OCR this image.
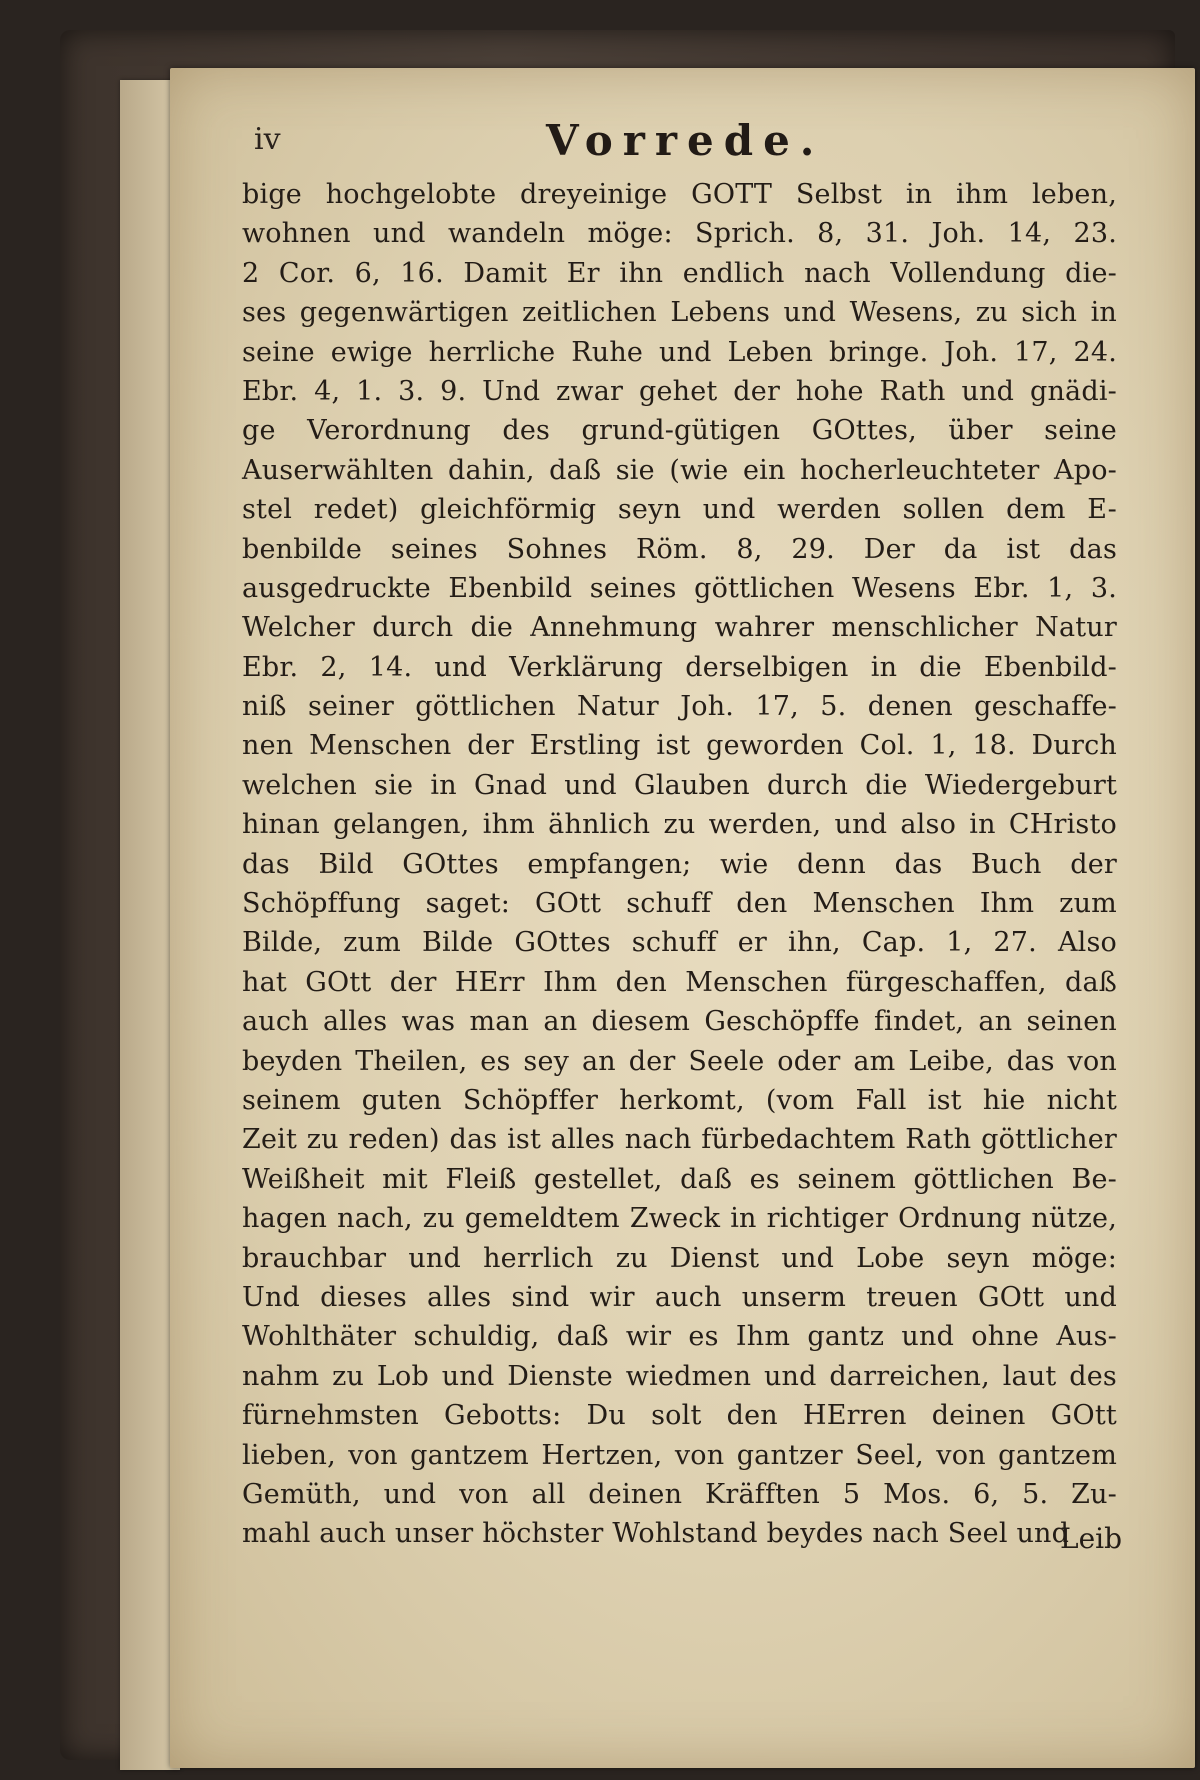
iv	Vorrede.
bige hochgelobte dreyeinige GOTT Selbst in ihm leben,
wohnen und wandeln möge: Sprich. 8, 31. Joh. 14, 23.
2 Cor. 6, 16. Damit Er ihn endlich nach Vollendung die-
ses gegenwärtigen zeitlichen Lebens und Wesens, zu sich in
seine ewige herrliche Ruhe und Leben bringe. Joh. 17, 24.
Ebr. 4, 1. 3. 9. Und zwar gehet der hohe Rath und gnädi-
ge Verordnung des grund-gütigen GOttes, über seine
Auserwählten dahin, daß sie (wie ein hocherleuchteter Apo-
stel redet) gleichförmig seyn und werden sollen dem E-
benbilde seines Sohnes Röm. 8, 29. Der da ist das
ausgedruckte Ebenbild seines göttlichen Wesens Ebr. 1, 3.
Welcher durch die Annehmung wahrer menschlicher Natur
Ebr. 2, 14. und Verklärung derselbigen in die Ebenbild-
niß seiner göttlichen Natur Joh. 17, 5. denen geschaffe-
nen Menschen der Erstling ist geworden Col. 1, 18. Durch
welchen sie in Gnad und Glauben durch die Wiedergeburt
hinan gelangen, ihm ähnlich zu werden, und also in CHristo
das Bild GOttes empfangen; wie denn das Buch der
Schöpffung saget: GOtt schuff den Menschen Ihm zum
Bilde, zum Bilde GOttes schuff er ihn, Cap. 1, 27. Also
hat GOtt der HErr Ihm den Menschen fürgeschaffen, daß
auch alles was man an diesem Geschöpffe findet, an seinen
beyden Theilen, es sey an der Seele oder am Leibe, das von
seinem guten Schöpffer herkomt, (vom Fall ist hie nicht
Zeit zu reden) das ist alles nach fürbedachtem Rath göttlicher
Weißheit mit Fleiß gestellet, daß es seinem göttlichen Be-
hagen nach, zu gemeldtem Zweck in richtiger Ordnung nütze,
brauchbar und herrlich zu Dienst und Lobe seyn möge:
Und dieses alles sind wir auch unserm treuen GOtt und
Wohlthäter schuldig, daß wir es Ihm gantz und ohne Aus-
nahm zu Lob und Dienste wiedmen und darreichen, laut des
fürnehmsten Gebotts: Du solt den HErren deinen GOtt
lieben, von gantzem Hertzen, von gantzer Seel, von gantzem
Gemüth, und von all deinen Kräfften 5 Mos. 6, 5. Zu-
mahl auch unser höchster Wohlstand beydes nach Seel und
Leib
